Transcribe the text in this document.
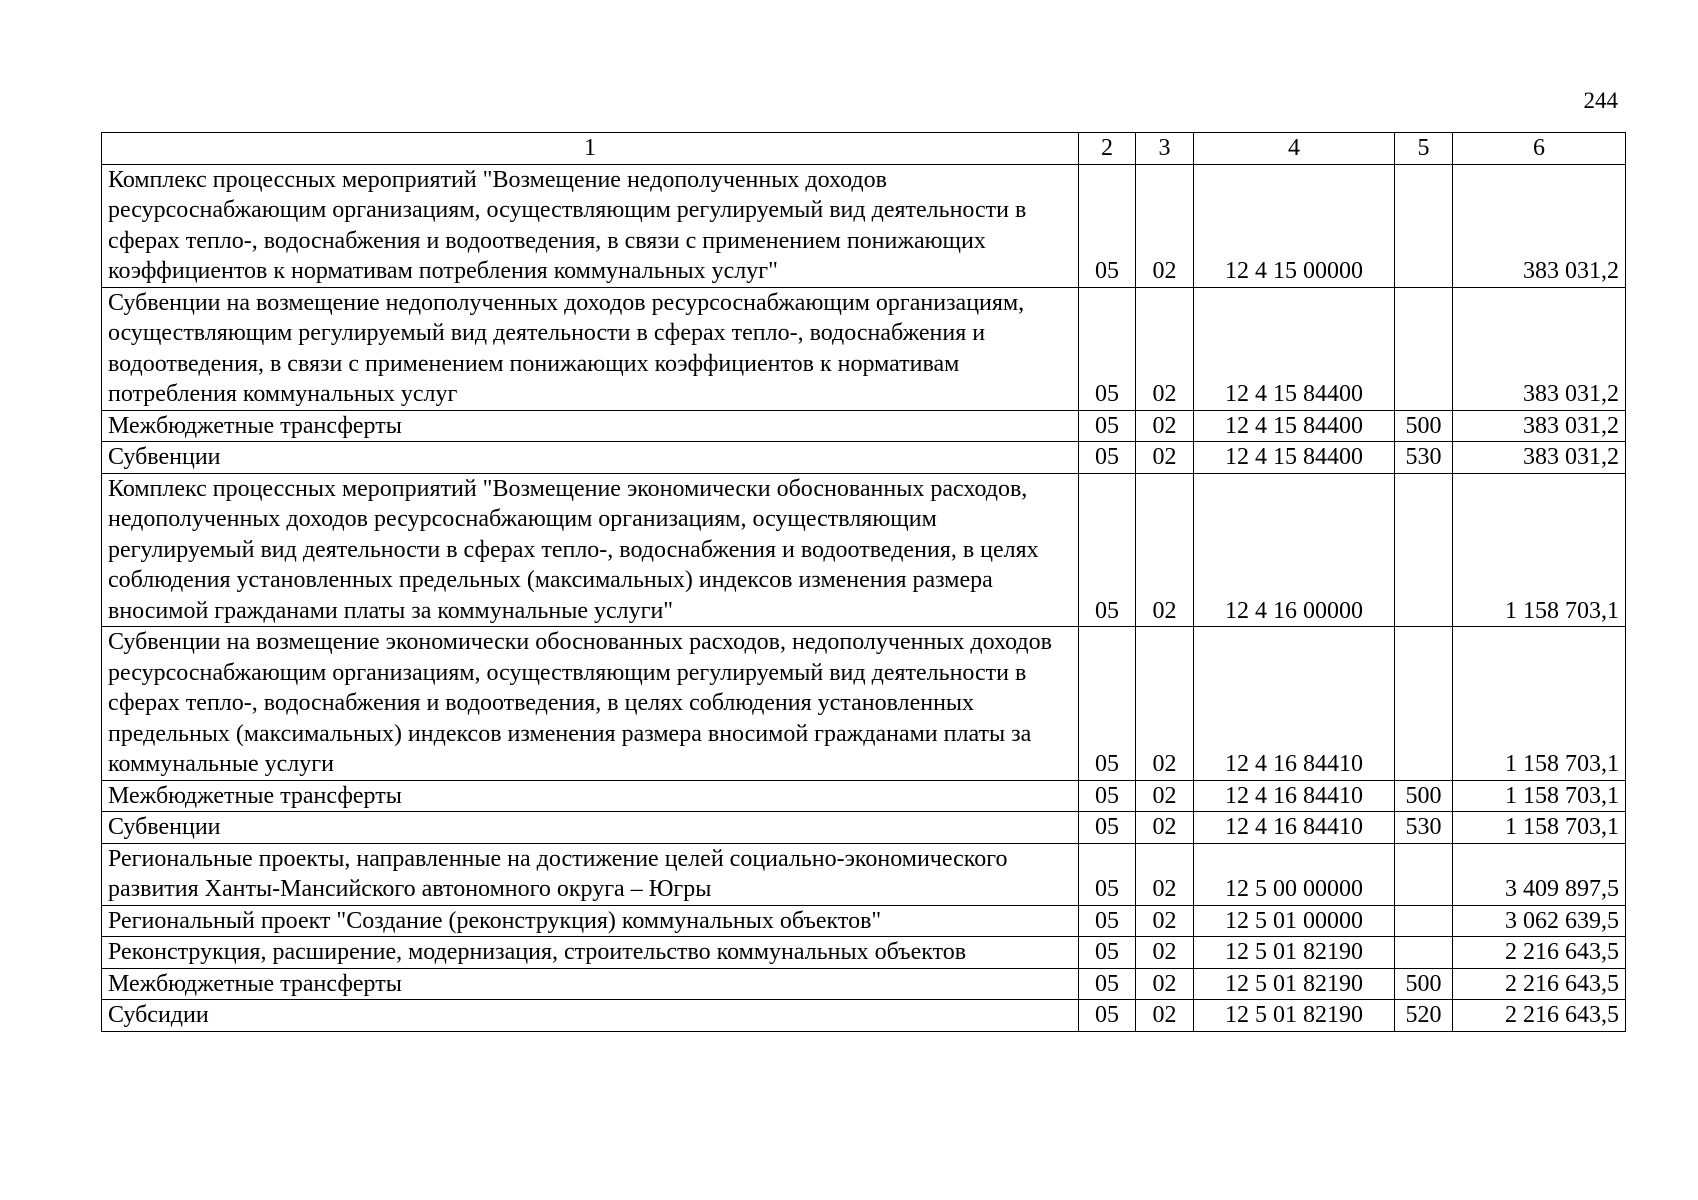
244
1	2	3	4	5	6
Комплекс процессных мероприятий "Возмещение недополученных доходов ресурсоснабжающим организациям, осуществляющим регулируемый вид деятельности в сферах тепло-, водоснабжения и водоотведения, в связи с применением понижающих коэффициентов к нормативам потребления коммунальных услуг"	05	02	12 4 15 00000		383 031,2
Субвенции на возмещение недополученных доходов ресурсоснабжающим организациям, осуществляющим регулируемый вид деятельности в сферах тепло-, водоснабжения и водоотведения, в связи с применением понижающих коэффициентов к нормативам потребления коммунальных услуг	05	02	12 4 15 84400		383 031,2
Межбюджетные трансферты	05	02	12 4 15 84400	500	383 031,2
Субвенции	05	02	12 4 15 84400	530	383 031,2
Комплекс процессных мероприятий "Возмещение экономически обоснованных расходов, недополученных доходов ресурсоснабжающим организациям, осуществляющим регулируемый вид деятельности в сферах тепло-, водоснабжения и водоотведения, в целях соблюдения установленных предельных (максимальных) индексов изменения размера вносимой гражданами платы за коммунальные услуги"	05	02	12 4 16 00000		1 158 703,1
Субвенции на возмещение экономически обоснованных расходов, недополученных доходов ресурсоснабжающим организациям, осуществляющим регулируемый вид деятельности в сферах тепло-, водоснабжения и водоотведения, в целях соблюдения установленных предельных (максимальных) индексов изменения размера вносимой гражданами платы за коммунальные услуги	05	02	12 4 16 84410		1 158 703,1
Межбюджетные трансферты	05	02	12 4 16 84410	500	1 158 703,1
Субвенции	05	02	12 4 16 84410	530	1 158 703,1
Региональные проекты, направленные на достижение целей социально-экономического развития Ханты-Мансийского автономного округа – Югры	05	02	12 5 00 00000		3 409 897,5
Региональный проект "Создание (реконструкция) коммунальных объектов"	05	02	12 5 01 00000		3 062 639,5
Реконструкция, расширение, модернизация, строительство коммунальных объектов	05	02	12 5 01 82190		2 216 643,5
Межбюджетные трансферты	05	02	12 5 01 82190	500	2 216 643,5
Субсидии	05	02	12 5 01 82190	520	2 216 643,5
